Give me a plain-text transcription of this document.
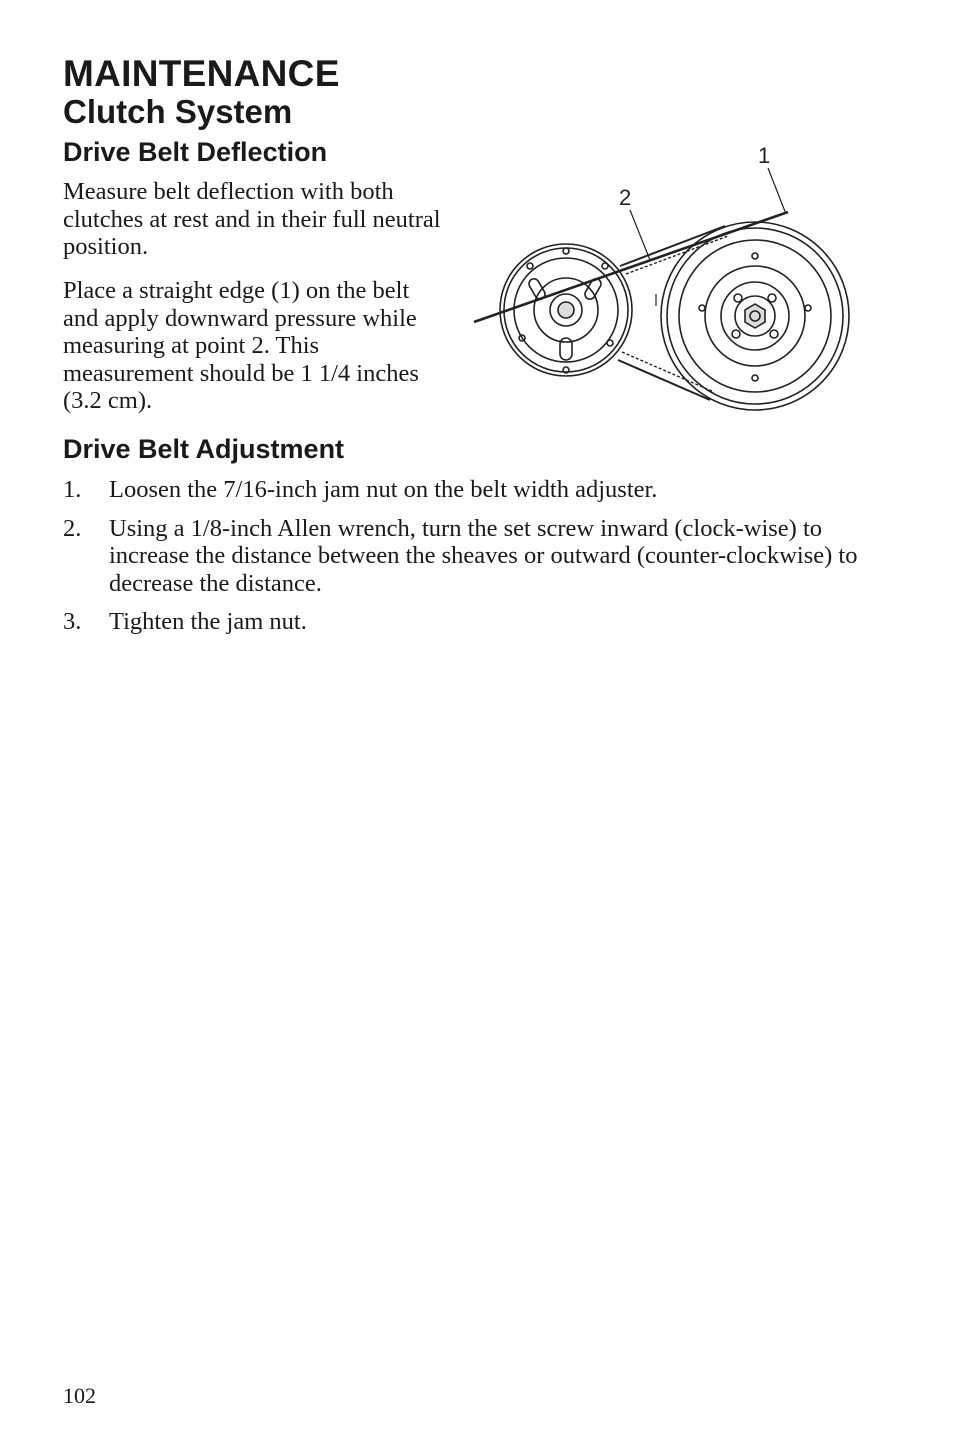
MAINTENANCE
Clutch System
Drive Belt Deflection

Measure belt deflection with both clutches at rest and in their full neutral position.

Place a straight edge (1) on the belt and apply downward pressure while measuring at point 2. This measurement should be 1 1/4 inches (3.2 cm).

1
2
Drive Belt Adjustment
1. Loosen the 7/16-inch jam nut on the belt width adjuster.
2. Using a 1/8-inch Allen wrench, turn the set screw inward (clock-wise) to increase the distance between the sheaves or outward (counter-clockwise) to decrease the distance.
3. Tighten the jam nut.
102
